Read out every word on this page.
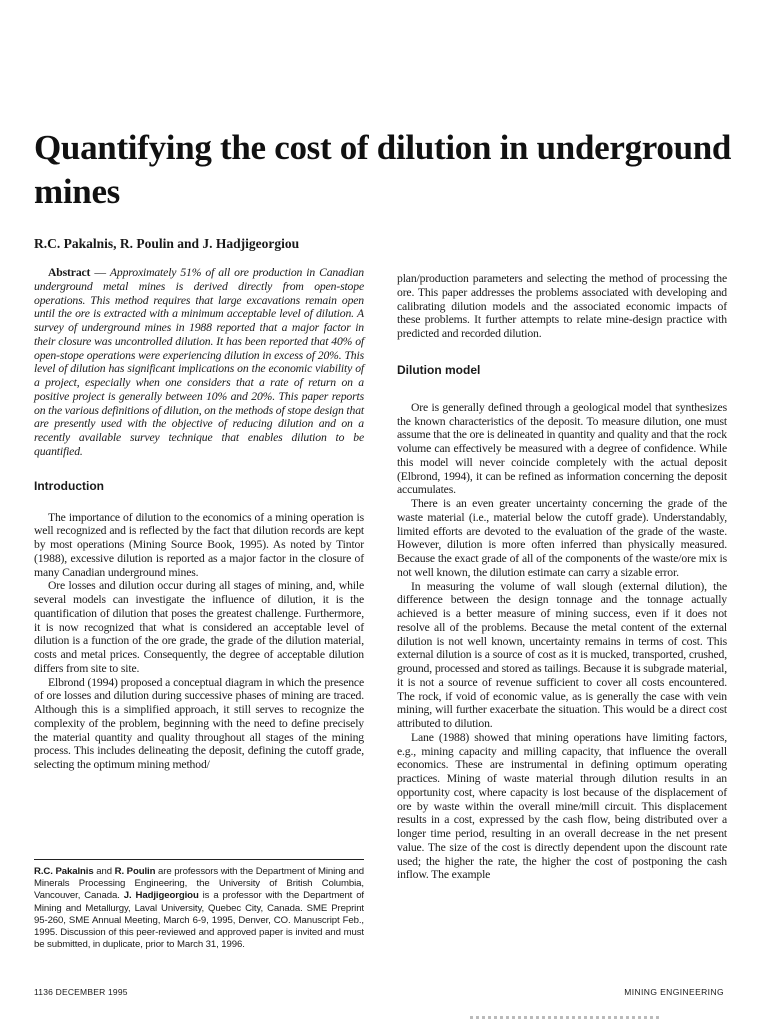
Quantifying the cost of dilution in underground mines
R.C. Pakalnis, R. Poulin and J. Hadjigeorgiou

Abstract — Approximately 51% of all ore production in Canadian underground metal mines is derived directly from open-stope operations. This method requires that large excavations remain open until the ore is extracted with a minimum acceptable level of dilution. A survey of underground mines in 1988 reported that a major factor in their closure was uncontrolled dilution. It has been reported that 40% of open-stope operations were experiencing dilution in excess of 20%. This level of dilution has significant implications on the economic viability of a project, especially when one considers that a rate of return on a positive project is generally between 10% and 20%. This paper reports on the various definitions of dilution, on the methods of stope design that are presently used with the objective of reducing dilution and on a recently available survey technique that enables dilution to be quantified.

Introduction

The importance of dilution to the economics of a mining operation is well recognized and is reflected by the fact that dilution records are kept by most operations (Mining Source Book, 1995). As noted by Tintor (1988), excessive dilution is reported as a major factor in the closure of many Canadian underground mines.

Ore losses and dilution occur during all stages of mining, and, while several models can investigate the influence of dilution, it is the quantification of dilution that poses the greatest challenge. Furthermore, it is now recognized that what is considered an acceptable level of dilution is a function of the ore grade, the grade of the dilution material, costs and metal prices. Consequently, the degree of acceptable dilution differs from site to site.

Elbrond (1994) proposed a conceptual diagram in which the presence of ore losses and dilution during successive phases of mining are traced. Although this is a simplified approach, it still serves to recognize the complexity of the problem, beginning with the need to define precisely the material quantity and quality throughout all stages of the mining process. This includes delineating the deposit, defining the cutoff grade, selecting the optimum mining method/

R.C. Pakalnis and R. Poulin are professors with the Department of Mining and Minerals Processing Engineering, the University of British Columbia, Vancouver, Canada. J. Hadjigeorgiou is a professor with the Department of Mining and Metallurgy, Laval University, Quebec City, Canada. SME Preprint 95-260, SME Annual Meeting, March 6-9, 1995, Denver, CO. Manuscript Feb., 1995. Discussion of this peer-reviewed and approved paper is invited and must be submitted, in duplicate, prior to March 31, 1996.

plan/production parameters and selecting the method of processing the ore. This paper addresses the problems associated with developing and calibrating dilution models and the associated economic impacts of these problems. It further attempts to relate mine-design practice with predicted and recorded dilution.

Dilution model

Ore is generally defined through a geological model that synthesizes the known characteristics of the deposit. To measure dilution, one must assume that the ore is delineated in quantity and quality and that the rock volume can effectively be measured with a degree of confidence. While this model will never coincide completely with the actual deposit (Elbrond, 1994), it can be refined as information concerning the deposit accumulates.

There is an even greater uncertainty concerning the grade of the waste material (i.e., material below the cutoff grade). Understandably, limited efforts are devoted to the evaluation of the grade of the waste. However, dilution is more often inferred than physically measured. Because the exact grade of all of the components of the waste/ore mix is not well known, the dilution estimate can carry a sizable error.

In measuring the volume of wall slough (external dilution), the difference between the design tonnage and the tonnage actually achieved is a better measure of mining success, even if it does not resolve all of the problems. Because the metal content of the external dilution is not well known, uncertainty remains in terms of cost. This external dilution is a source of cost as it is mucked, transported, crushed, ground, processed and stored as tailings. Because it is subgrade material, it is not a source of revenue sufficient to cover all costs encountered. The rock, if void of economic value, as is generally the case with vein mining, will further exacerbate the situation. This would be a direct cost attributed to dilution.

Lane (1988) showed that mining operations have limiting factors, e.g., mining capacity and milling capacity, that influence the overall economics. These are instrumental in defining optimum operating practices. Mining of waste material through dilution results in an opportunity cost, where capacity is lost because of the displacement of ore by waste within the overall mine/mill circuit. This displacement results in a cost, expressed by the cash flow, being distributed over a longer time period, resulting in an overall decrease in the net present value. The size of the cost is directly dependent upon the discount rate used; the higher the rate, the higher the cost of postponing the cash inflow. The example

1136 DECEMBER 1995	MINING ENGINEERING
